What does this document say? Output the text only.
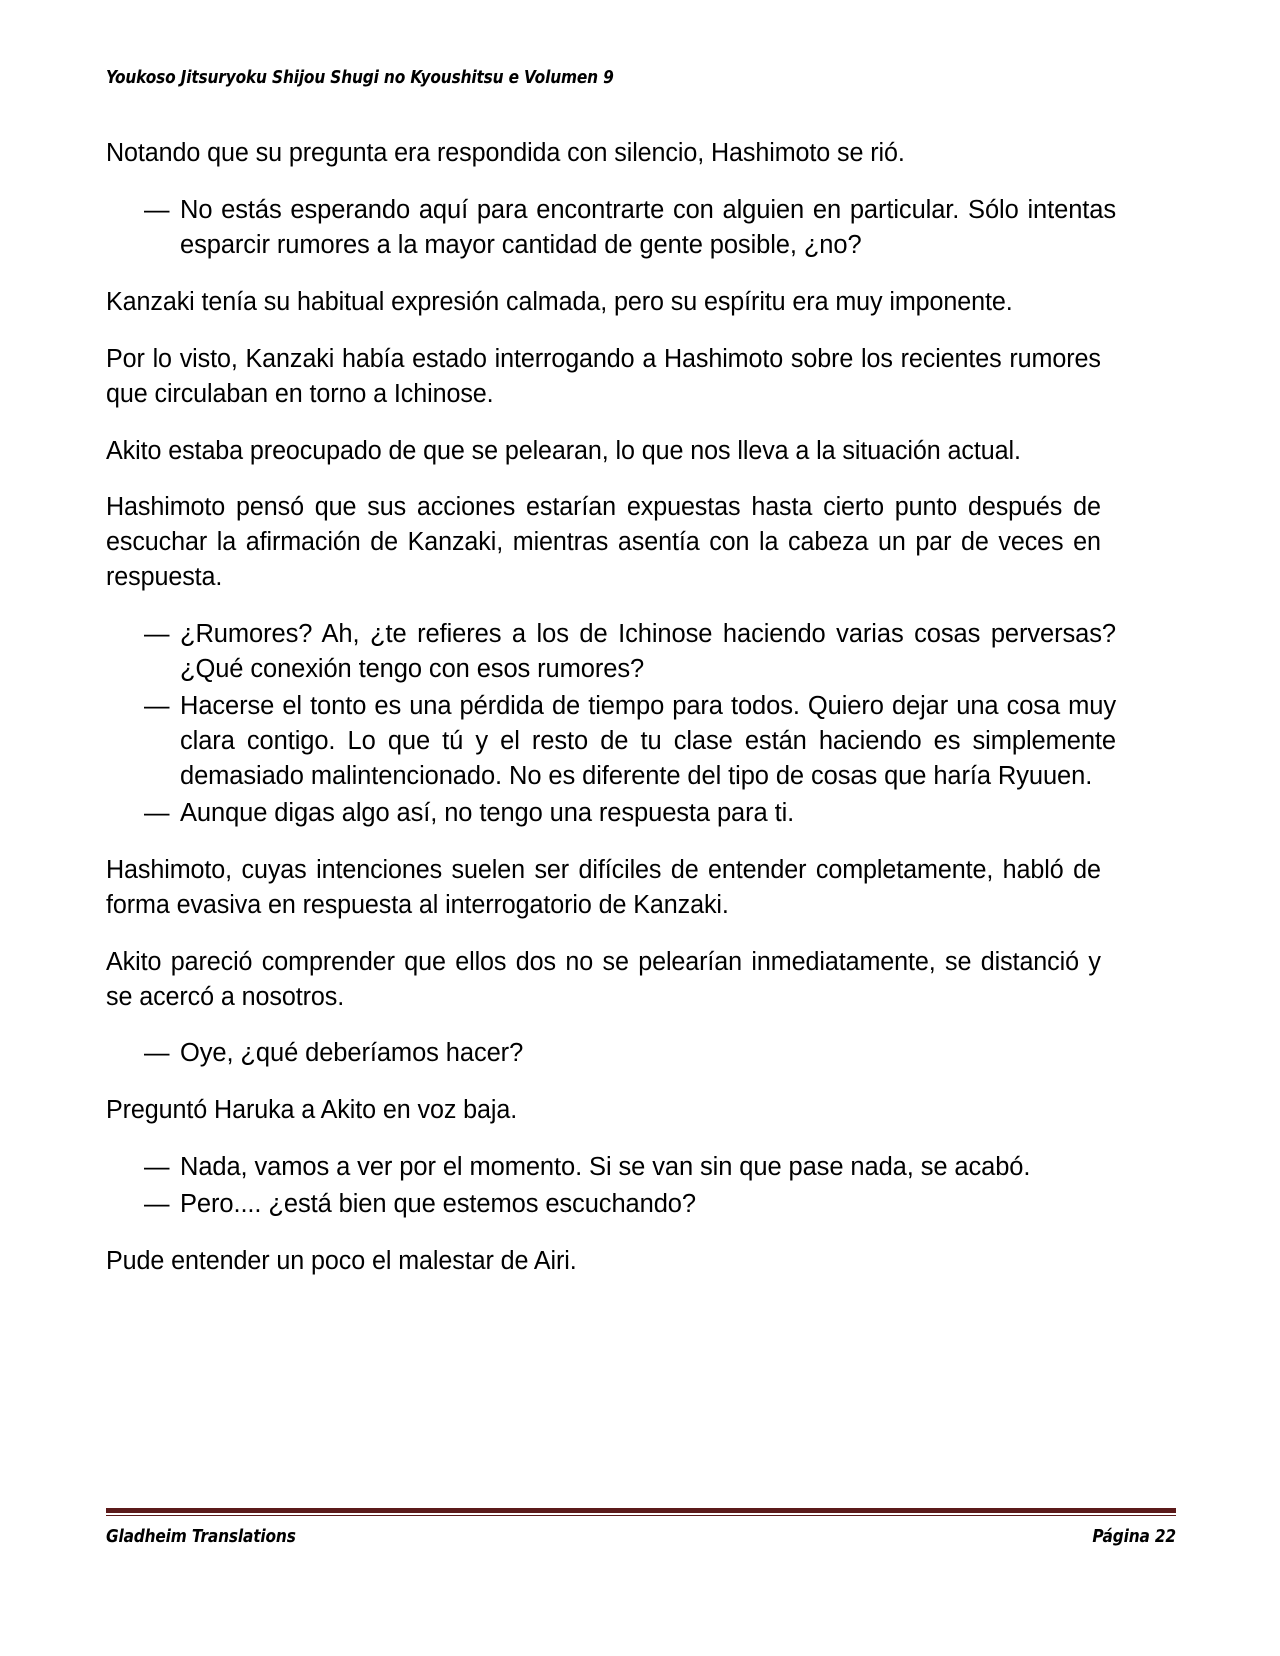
Youkoso Jitsuryoku Shijou Shugi no Kyoushitsu e Volumen 9

Notando que su pregunta era respondida con silencio, Hashimoto se rió.

— No estás esperando aquí para encontrarte con alguien en particular. Sólo intentas esparcir rumores a la mayor cantidad de gente posible, ¿no?

Kanzaki tenía su habitual expresión calmada, pero su espíritu era muy imponente.

Por lo visto, Kanzaki había estado interrogando a Hashimoto sobre los recientes rumores que circulaban en torno a Ichinose.

Akito estaba preocupado de que se pelearan, lo que nos lleva a la situación actual.

Hashimoto pensó que sus acciones estarían expuestas hasta cierto punto después de escuchar la afirmación de Kanzaki, mientras asentía con la cabeza un par de veces en respuesta.

— ¿Rumores? Ah, ¿te refieres a los de Ichinose haciendo varias cosas perversas? ¿Qué conexión tengo con esos rumores?
— Hacerse el tonto es una pérdida de tiempo para todos. Quiero dejar una cosa muy clara contigo. Lo que tú y el resto de tu clase están haciendo es simplemente demasiado malintencionado. No es diferente del tipo de cosas que haría Ryuuen.
— Aunque digas algo así, no tengo una respuesta para ti.

Hashimoto, cuyas intenciones suelen ser difíciles de entender completamente, habló de forma evasiva en respuesta al interrogatorio de Kanzaki.

Akito pareció comprender que ellos dos no se pelearían inmediatamente, se distanció y se acercó a nosotros.

— Oye, ¿qué deberíamos hacer?

Preguntó Haruka a Akito en voz baja.

— Nada, vamos a ver por el momento. Si se van sin que pase nada, se acabó.
— Pero.... ¿está bien que estemos escuchando?

Pude entender un poco el malestar de Airi.

Gladheim Translations	Página 22
